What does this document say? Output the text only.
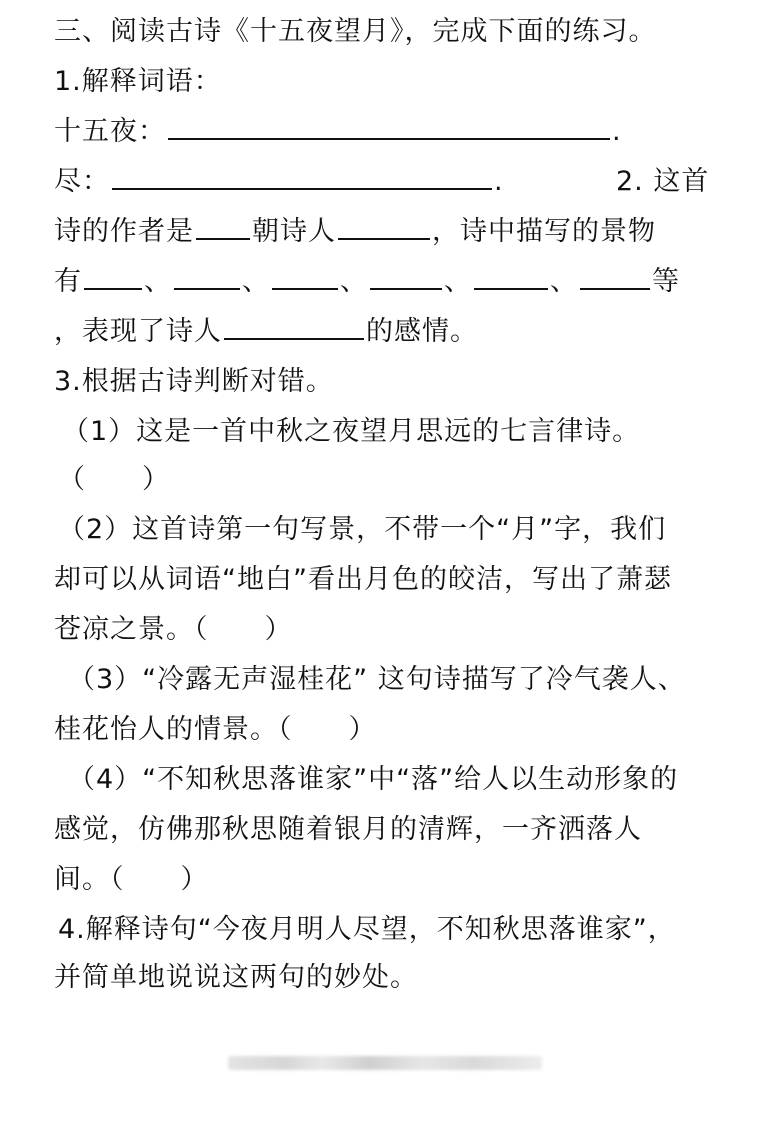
三、阅读古诗《十五夜望月》，完成下面的练习。
1.解释词语：
十五夜：	.
尽：	.	2. 这首
诗的作者是 朝诗人	，诗中描写的景物
有 、	、	、	、	、	等
，表现了诗人	的感情。
3.根据古诗判断对错。
（1）这是一首中秋之夜望月思远的七言律诗。
（　　）
（2）这首诗第一句写景，不带一个“月”字，我们
却可以从词语“地白”看出月色的皎洁，写出了萧瑟
苍凉之景。（　　）
（3）“冷露无声湿桂花” 这句诗描写了冷气袭人、
桂花怡人的情景。（　　）
（4）“不知秋思落谁家”中“落”给人以生动形象的
感觉，仿佛那秋思随着银月的清辉，一齐洒落人
间。（　　）
4.解释诗句“今夜月明人尽望，不知秋思落谁家”，
并简单地说说这两句的妙处。
